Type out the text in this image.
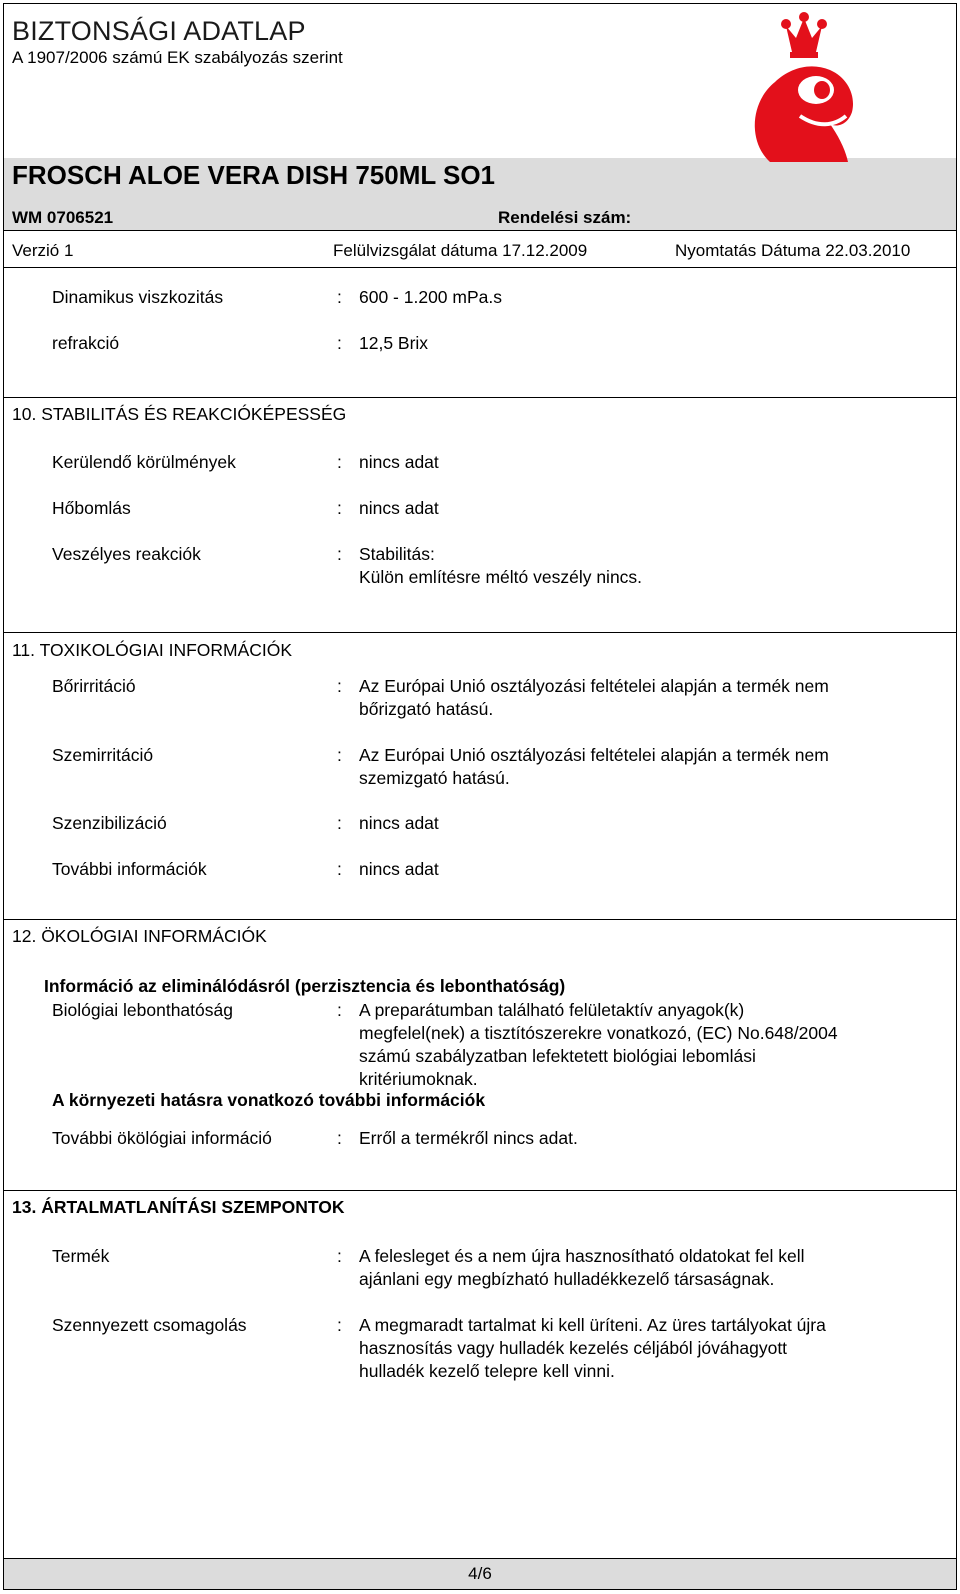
BIZTONSÁGI ADATLAP
A 1907/2006 számú EK szabályozás szerint
FROSCH ALOE VERA DISH 750ML SO1
WM 0706521	Rendelési szám:
Verzió 1	Felülvizsgálat dátuma 17.12.2009	Nyomtatás Dátuma 22.03.2010
Dinamikus viszkozitás	: 600 - 1.200 mPa.s
refrakció	: 12,5 Brix
10. STABILITÁS ÉS REAKCIÓKÉPESSÉG
Kerülendő körülmények	: nincs adat
Hőbomlás	: nincs adat
Veszélyes reakciók	: Stabilitás:
Külön említésre méltó veszély nincs.
11. TOXIKOLÓGIAI INFORMÁCIÓK
Bőrirritáció	: Az Európai Unió osztályozási feltételei alapján a termék nem
bőrizgató hatású.
Szemirritáció	: Az Európai Unió osztályozási feltételei alapján a termék nem
szemizgató hatású.
Szenzibilizáció	: nincs adat
További információk	: nincs adat
12. ÖKOLÓGIAI INFORMÁCIÓK
Információ az eliminálódásról (perzisztencia és lebonthatóság)
Biológiai lebonthatóság	: A preparátumban található felületaktív anyagok(k)
megfelel(nek) a tisztítószerekre vonatkozó, (EC) No.648/2004
számú szabályzatban lefektetett biológiai lebomlási
kritériumoknak.
A környezeti hatásra vonatkozó további információk
További ökölógiai információ	: Erről a termékről nincs adat.
13. ÁRTALMATLANÍTÁSI SZEMPONTOK
Termék	: A felesleget és a nem újra hasznosítható oldatokat fel kell
ajánlani egy megbízható hulladékkezelő társaságnak.
Szennyezett csomagolás	: A megmaradt tartalmat ki kell üríteni. Az üres tartályokat újra
hasznosítás vagy hulladék kezelés céljából jóváhagyott
hulladék kezelő telepre kell vinni.
4/6
